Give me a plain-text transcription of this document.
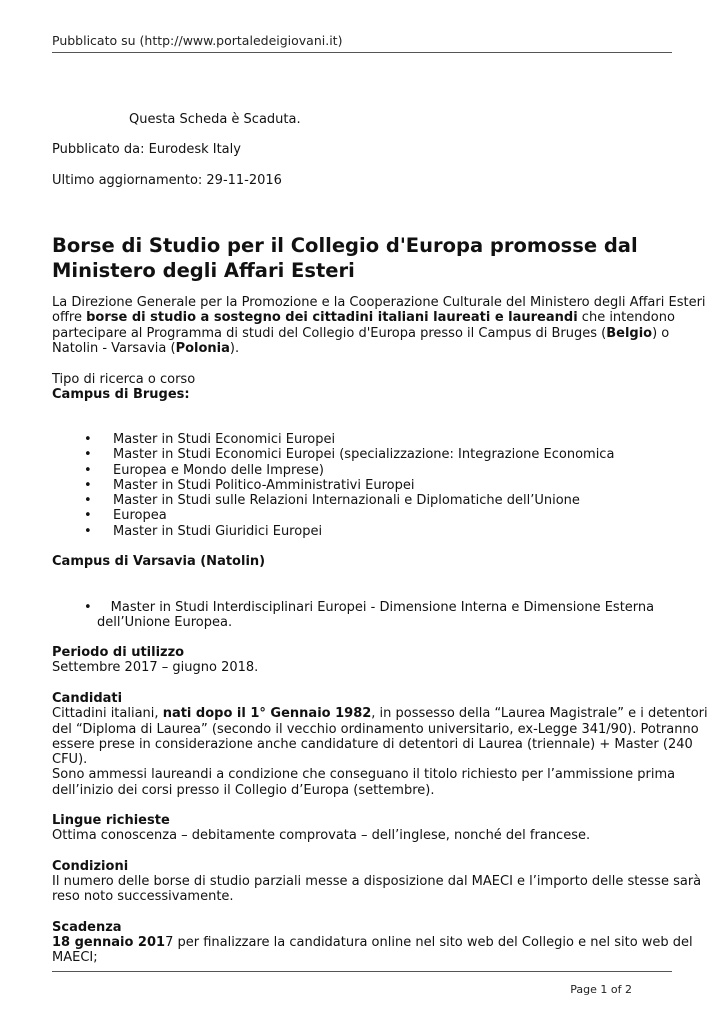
Pubblicato su (http://www.portaledeigiovani.it)
Questa Scheda è Scaduta.
Pubblicato da: Eurodesk Italy
Ultimo aggiornamento: 29-11-2016
Borse di Studio per il Collegio d'Europa promosse dal Ministero degli Affari Esteri
La Direzione Generale per la Promozione e la Cooperazione Culturale del Ministero degli Affari Esteri
offre borse di studio a sostegno dei cittadini italiani laureati e laureandi che intendono
partecipare al Programma di studi del Collegio d'Europa presso il Campus di Bruges (Belgio) o
Natolin - Varsavia (Polonia).
Tipo di ricerca o corso
Campus di Bruges:
• Master in Studi Economici Europei
• Master in Studi Economici Europei (specializzazione: Integrazione Economica
• Europea e Mondo delle Imprese)
• Master in Studi Politico-Amministrativi Europei
• Master in Studi sulle Relazioni Internazionali e Diplomatiche dell’Unione
• Europea
• Master in Studi Giuridici Europei
Campus di Varsavia (Natolin)
• Master in Studi Interdisciplinari Europei - Dimensione Interna e Dimensione Esterna
dell’Unione Europea.
Periodo di utilizzo
Settembre 2017 – giugno 2018.
Candidati
Cittadini italiani, nati dopo il 1° Gennaio 1982, in possesso della “Laurea Magistrale” e i detentori
del “Diploma di Laurea” (secondo il vecchio ordinamento universitario, ex-Legge 341/90). Potranno
essere prese in considerazione anche candidature di detentori di Laurea (triennale) + Master (240
CFU).
Sono ammessi laureandi a condizione che conseguano il titolo richiesto per l’ammissione prima
dell’inizio dei corsi presso il Collegio d’Europa (settembre).
Lingue richieste
Ottima conoscenza – debitamente comprovata – dell’inglese, nonché del francese.
Condizioni
Il numero delle borse di studio parziali messe a disposizione dal MAECI e l’importo delle stesse sarà
reso noto successivamente.
Scadenza
18 gennaio 2017 per finalizzare la candidatura online nel sito web del Collegio e nel sito web del
MAECI;
Page 1 of 2
